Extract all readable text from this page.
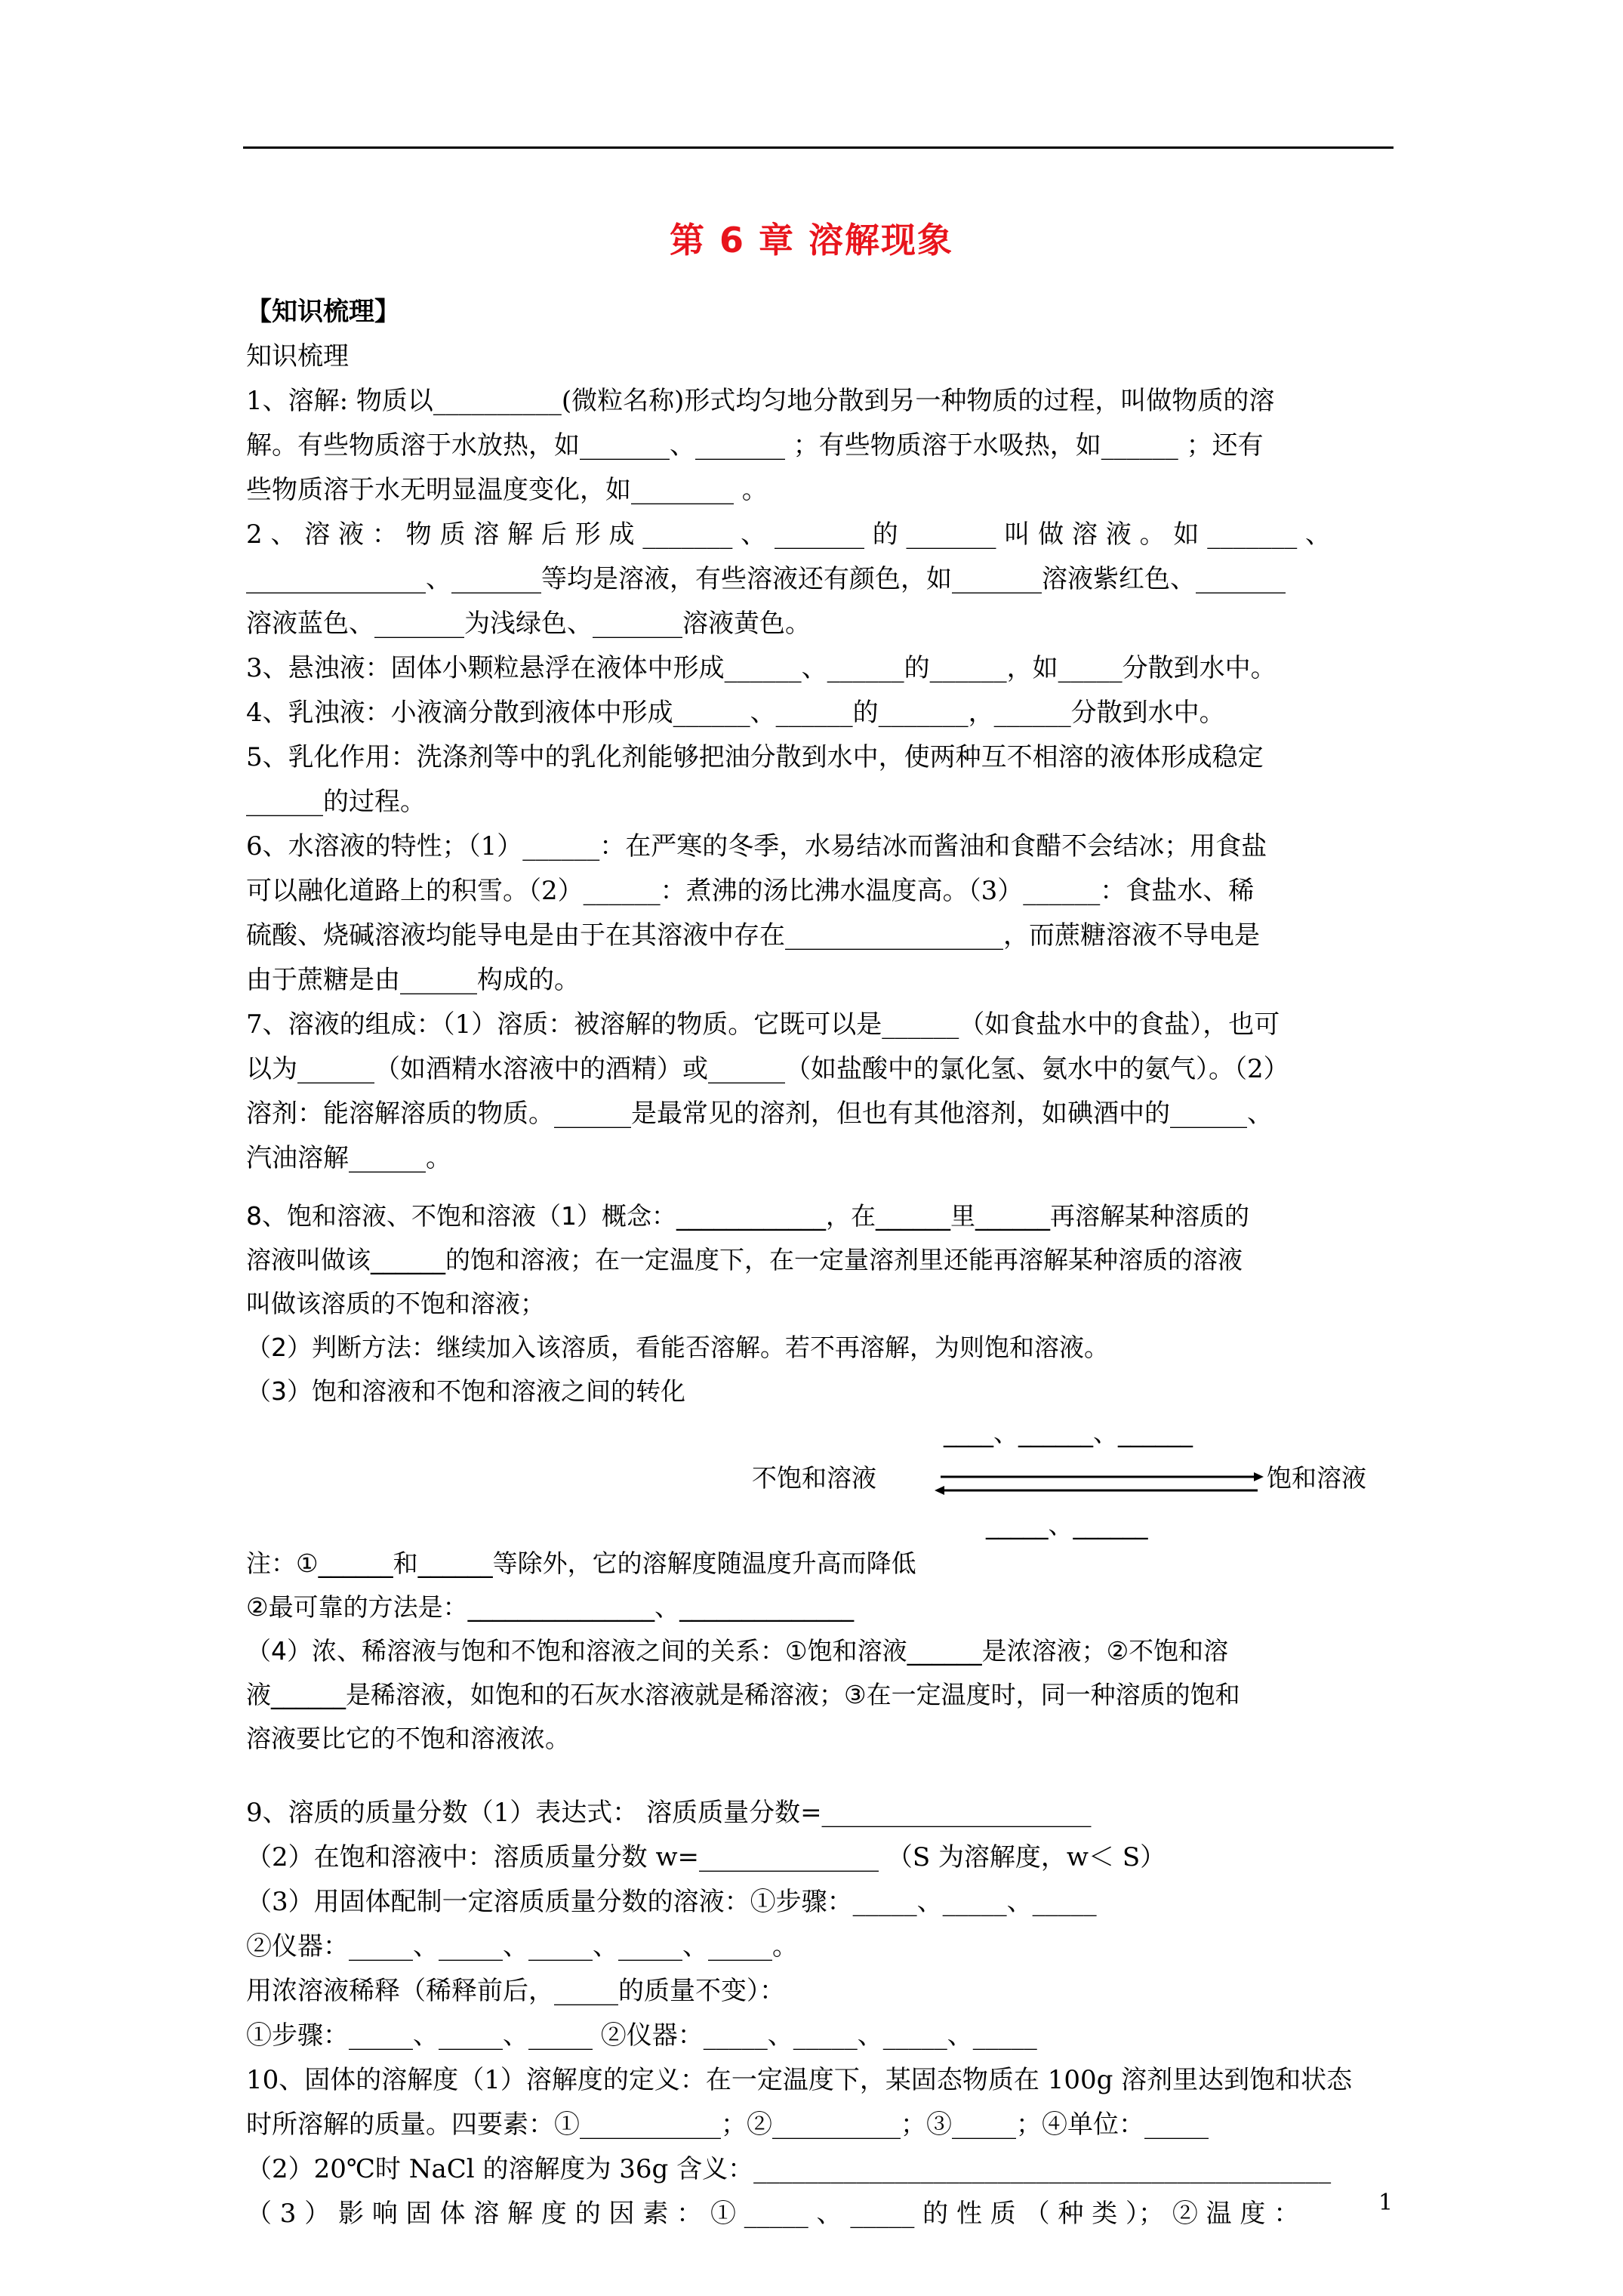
第 6 章 溶解现象
【知识梳理】
知识梳理
1、溶解: 物质以__________(微粒名称)形式均匀地分散到另一种物质的过程，叫做物质的溶
解。有些物质溶于水放热，如_______、_______ ；有些物质溶于水吸热，如______ ；还有
些物质溶于水无明显温度变化，如________ 。
2 、 溶 液 ： 物 质 溶 解 后 形 成 _______ 、 _______ 的 _______ 叫 做 溶 液 。 如 _______ 、
______________、_______等均是溶液，有些溶液还有颜色，如_______溶液紫红色、_______
溶液蓝色、_______为浅绿色、_______溶液黄色。
3、悬浊液：固体小颗粒悬浮在液体中形成______、______的______，如_____分散到水中。
4、乳浊液：小液滴分散到液体中形成______、______的_______，______分散到水中。
5、乳化作用：洗涤剂等中的乳化剂能够把油分散到水中，使两种互不相溶的液体形成稳定
______的过程。
6、水溶液的特性；（1）______：在严寒的冬季，水易结冰而酱油和食醋不会结冰；用食盐
可以融化道路上的积雪。（2）______：煮沸的汤比沸水温度高。（3）______：食盐水、稀
硫酸、烧碱溶液均能导电是由于在其溶液中存在_________________，而蔗糖溶液不导电是
由于蔗糖是由______构成的。
7、溶液的组成：（1）溶质：被溶解的物质。它既可以是______（如食盐水中的食盐），也可
以为______（如酒精水溶液中的酒精）或______（如盐酸中的氯化氢、氨水中的氨气）。（2）
溶剂：能溶解溶质的物质。______是最常见的溶剂，但也有其他溶剂，如碘酒中的______、
汽油溶解______。
8、饱和溶液、不饱和溶液（1）概念：____________，在______里______再溶解某种溶质的
溶液叫做该______的饱和溶液；在一定温度下，在一定量溶剂里还能再溶解某种溶质的溶液
叫做该溶质的不饱和溶液；
（2）判断方法：继续加入该溶质，看能否溶解。若不再溶解，为则饱和溶液。
（3）饱和溶液和不饱和溶液之间的转化
____、______、______
不饱和溶液	饱和溶液
_____、______
注：①______和______等除外，它的溶解度随温度升高而降低
②最可靠的方法是：_______________、______________
（4）浓、稀溶液与饱和不饱和溶液之间的关系：①饱和溶液______是浓溶液；②不饱和溶
液______是稀溶液，如饱和的石灰水溶液就是稀溶液；③在一定温度时，同一种溶质的饱和
溶液要比它的不饱和溶液浓。
9、溶质的质量分数（1）表达式： 溶质质量分数=_____________________
（2）在饱和溶液中：溶质质量分数 w=______________ （S 为溶解度，w＜ S）
（3）用固体配制一定溶质质量分数的溶液：①步骤：_____、_____、_____
②仪器：_____、_____、_____、_____、_____。
用浓溶液稀释（稀释前后，_____的质量不变）：
①步骤：_____、_____、_____ ②仪器：_____、_____、_____、_____
10、固体的溶解度（1）溶解度的定义：在一定温度下，某固态物质在 100g 溶剂里达到饱和状态
时所溶解的质量。四要素：①___________；②__________；③_____；④单位：_____
（2）20℃时 NaCl 的溶解度为 36g 含义：_____________________________________________
（ 3 ） 影 响 固 体 溶 解 度 的 因 素 ： ① _____ 、 _____ 的 性 质 （ 种 类 ）； ② 温 度 ：	1
